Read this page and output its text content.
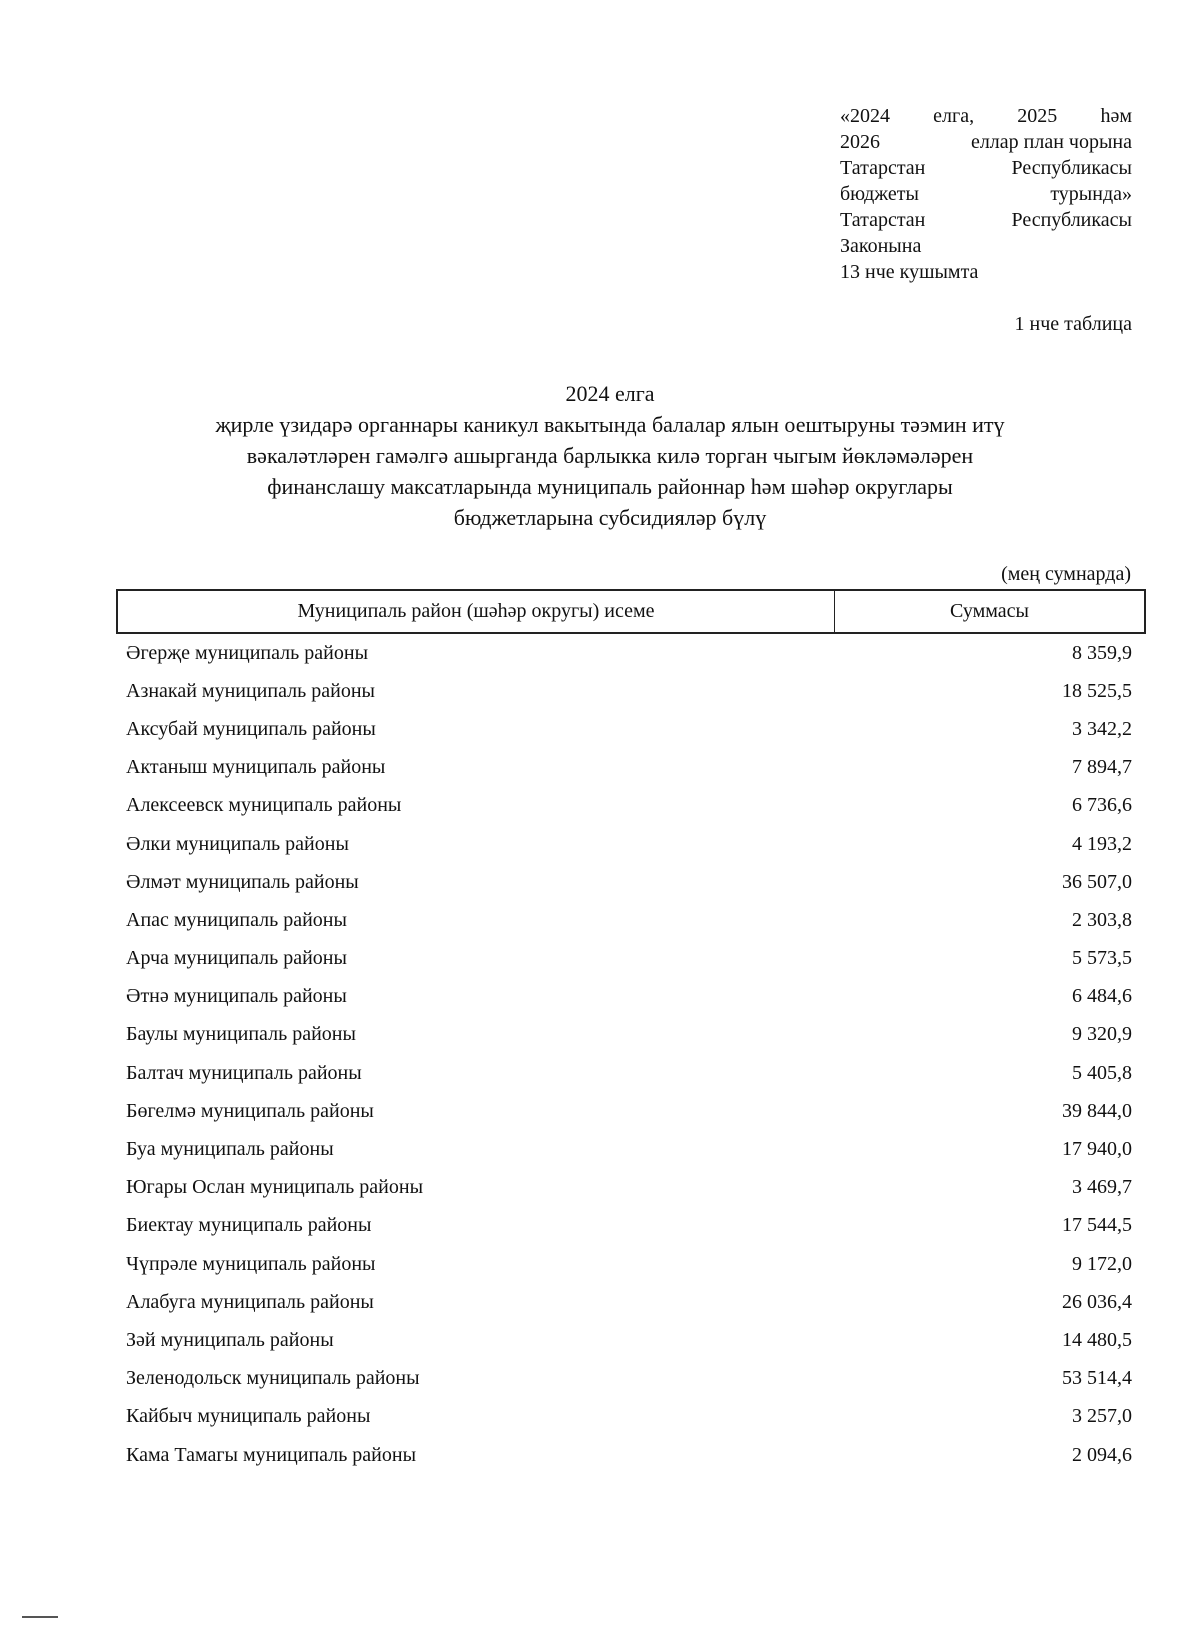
«2024 елга, 2025 һәм
2026	еллар план чорына
Татарстан	Республикасы
бюджеты	турында»
Татарстан	Республикасы
Законына
13 нче кушымта
1 нче таблица
2024 елга
җирле үзидарә органнары каникул вакытында балалар ялын оештыруны тәэмин итү
вәкаләтләрен гамәлгә ашырганда барлыкка килә торган чыгым йөкләмәләрен
финанслашу максатларында муниципаль районнар һәм шәһәр округлары
бюджетларына субсидияләр бүлү
(мең сумнарда)
Муниципаль район (шәһәр округы) исеме	Суммасы
Әгерҗе муниципаль районы	8 359,9
Азнакай муниципаль районы	18 525,5
Аксубай муниципаль районы	3 342,2
Актаныш муниципаль районы	7 894,7
Алексеевск муниципаль районы	6 736,6
Әлки муниципаль районы	4 193,2
Әлмәт муниципаль районы	36 507,0
Апас муниципаль районы	2 303,8
Арча муниципаль районы	5 573,5
Әтнә муниципаль районы	6 484,6
Баулы муниципаль районы	9 320,9
Балтач муниципаль районы	5 405,8
Бөгелмә муниципаль районы	39 844,0
Буа муниципаль районы	17 940,0
Югары Ослан муниципаль районы	3 469,7
Биектау муниципаль районы	17 544,5
Чүпрәле муниципаль районы	9 172,0
Алабуга муниципаль районы	26 036,4
Зәй муниципаль районы	14 480,5
Зеленодольск муниципаль районы	53 514,4
Кайбыч муниципаль районы	3 257,0
Кама Тамагы муниципаль районы	2 094,6
